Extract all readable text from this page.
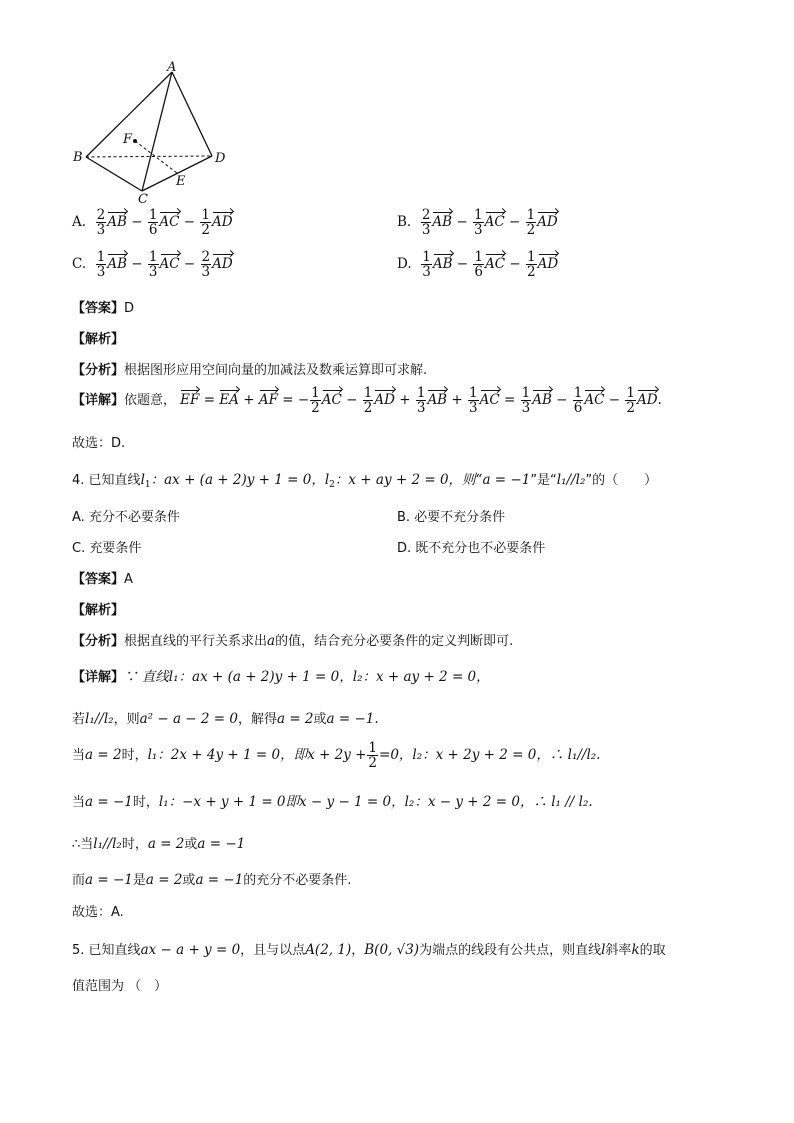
A
B
C
D
E
F
A. $\frac{2}{3}$ AB − $\frac{1}{6}$ AC − $\frac{1}{2}$ AD	B. $\frac{2}{3}$ AB − $\frac{1}{3}$ AC − $\frac{1}{2}$ AD
C. $\frac{1}{3}$ AB − $\frac{1}{3}$ AC − $\frac{2}{3}$ AD	D. $\frac{1}{3}$ AB − $\frac{1}{6}$ AC − $\frac{1}{2}$ AD
【答案】D
【解析】
【分析】根据图形应用空间向量的加减法及数乘运算即可求解.
【详解】依题意， EF = EA + AF = − $\frac{1}{2}$ AC − $\frac{1}{2}$ AD + $\frac{1}{3}$ AB + $\frac{1}{3}$ AC = $\frac{1}{3}$ AB − $\frac{1}{6}$ AC − $\frac{1}{2}$ AD.
故选：D.
4. 已知直线$l_1$：ax + (a + 2)y + 1 = 0，$l_2$：x + ay + 2 = 0，则“a = −1”是“l₁//l₂”的（　　）
A. 充分不必要条件	B. 必要不充分条件
C. 充要条件	D. 既不充分也不必要条件
【答案】A
【解析】
【分析】根据直线的平行关系求出a的值，结合充分必要条件的定义判断即可.
【详解】∵ 直线l₁：ax + (a + 2)y + 1 = 0，l₂：x + ay + 2 = 0，
若l₁//l₂，则a² − a − 2 = 0，解得a = 2或a = −1.
当a = 2时，l₁：2x + 4y + 1 = 0，即$x + 2y + \frac{1}{2} =0$，l₂：x + 2y + 2 = 0，∴ l₁//l₂.
当a = −1时，l₁：−x + y + 1 = 0即x − y − 1 = 0，l₂：x − y + 2 = 0，∴ l₁ // l₂.
∴当l₁//l₂时，a = 2或a = −1
而a = −1是a = 2或a = −1的充分不必要条件.
故选：A.
5. 已知直线ax − a + y = 0，且与以点A(2, 1)，B(0, √3)为端点的线段有公共点，则直线l斜率k的取
值范围为 （　）
